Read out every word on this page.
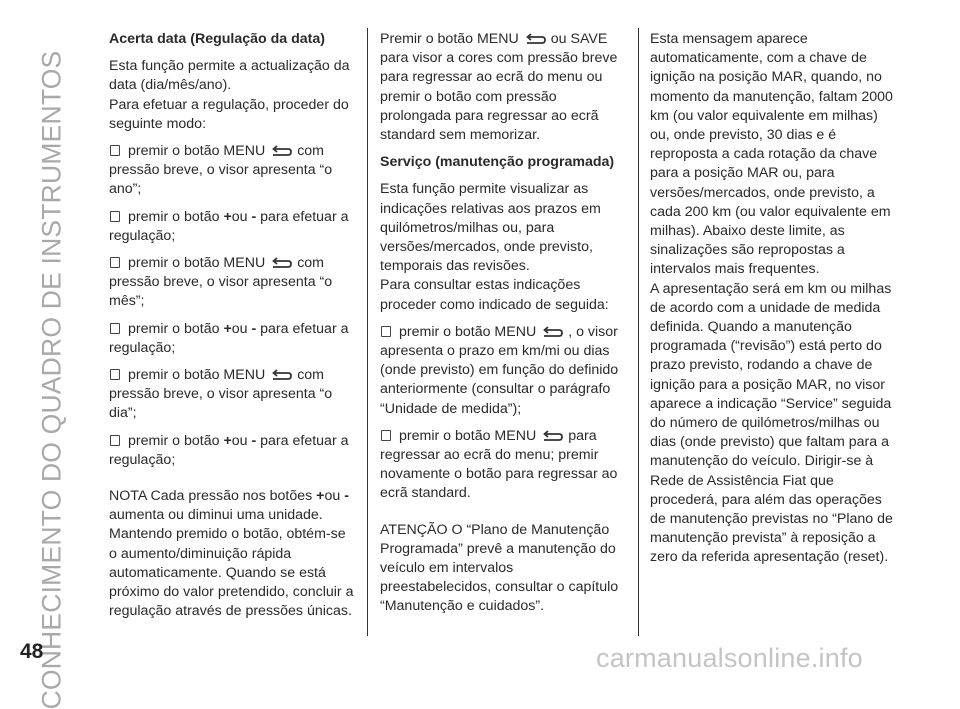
CONHECIMENTO DO QUADRO DE INSTRUMENTOS
48
Acerta data (Regulação da data)

Esta função permite a actualização da data (dia/mês/ano).

Para efetuar a regulação, proceder do seguinte modo:

premir o botão MENU com pressão breve, o visor apresenta “o ano”;
premir o botão +ou - para efetuar a regulação;
premir o botão MENU com pressão breve, o visor apresenta “o mês”;
premir o botão +ou - para efetuar a regulação;
premir o botão MENU com pressão breve, o visor apresenta “o dia”;
premir o botão +ou - para efetuar a regulação;

NOTA Cada pressão nos botões +ou - aumenta ou diminui uma unidade. Mantendo premido o botão, obtém-se o aumento/diminuição rápida automaticamente. Quando se está próximo do valor pretendido, concluir a regulação através de pressões únicas.

Premir o botão MENU ou SAVE para visor a cores com pressão breve para regressar ao ecrã do menu ou premir o botão com pressão prolongada para regressar ao ecrã standard sem memorizar.

Serviço (manutenção programada)

Esta função permite visualizar as indicações relativas aos prazos em quilómetros/milhas ou, para versões/mercados, onde previsto, temporais das revisões.

Para consultar estas indicações proceder como indicado de seguida:

premir o botão MENU , o visor apresenta o prazo em km/mi ou dias (onde previsto) em função do definido anteriormente (consultar o parágrafo “Unidade de medida”);
premir o botão MENU para regressar ao ecrã do menu; premir novamente o botão para regressar ao ecrã standard.

ATENÇÃO O “Plano de Manutenção Programada” prevê a manutenção do veículo em intervalos preestabelecidos, consultar o capítulo “Manutenção e cuidados”.

Esta mensagem aparece automaticamente, com a chave de ignição na posição MAR, quando, no momento da manutenção, faltam 2000 km (ou valor equivalente em milhas) ou, onde previsto, 30 dias e é reproposta a cada rotação da chave para a posição MAR ou, para versões/mercados, onde previsto, a cada 200 km (ou valor equivalente em milhas). Abaixo deste limite, as sinalizações são repropostas a intervalos mais frequentes.

A apresentação será em km ou milhas de acordo com a unidade de medida definida. Quando a manutenção programada (“revisão”) está perto do prazo previsto, rodando a chave de ignição para a posição MAR, no visor aparece a indicação “Service” seguida do número de quilómetros/milhas ou dias (onde previsto) que faltam para a manutenção do veículo. Dirigir-se à Rede de Assistência Fiat que procederá, para além das operações de manutenção previstas no “Plano de manutenção prevista” à reposição a zero da referida apresentação (reset).

carmanualsonline.info
